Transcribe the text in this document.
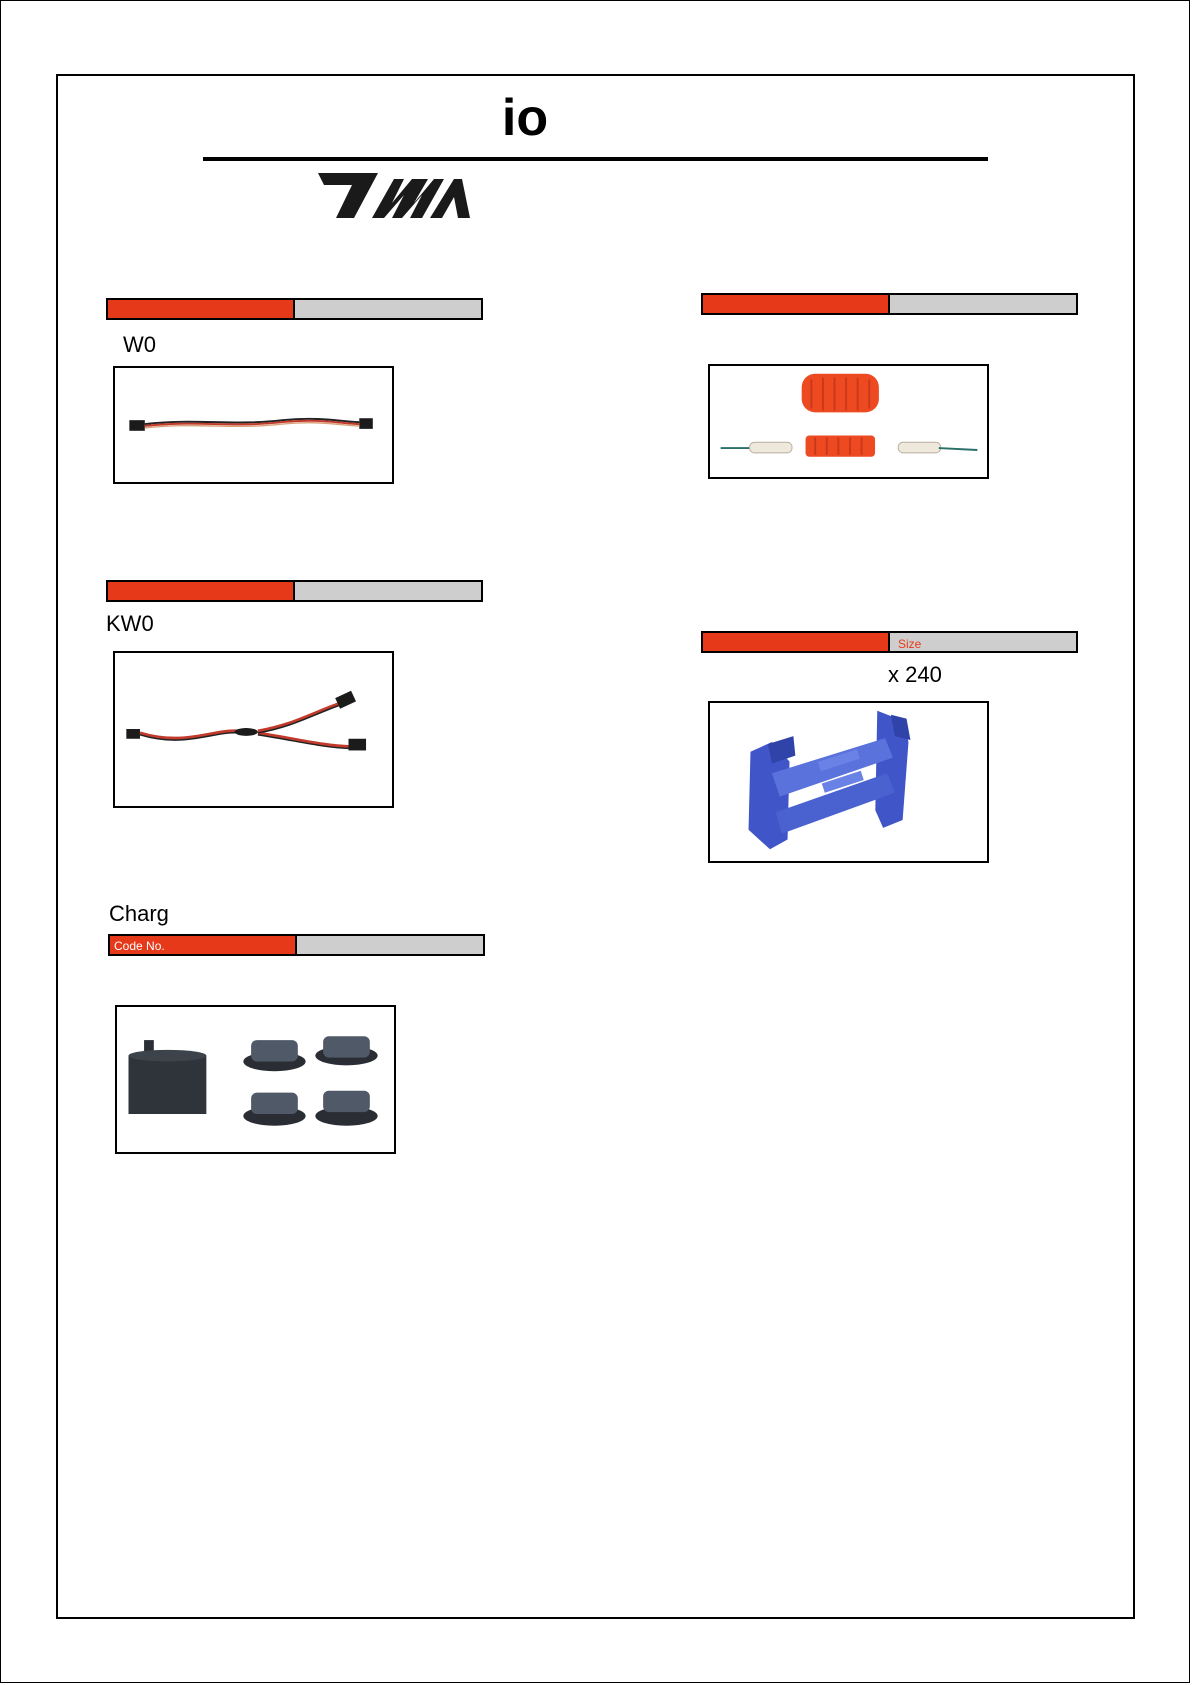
io
W0
KW0
Charg
Code No.
Size
x 240
